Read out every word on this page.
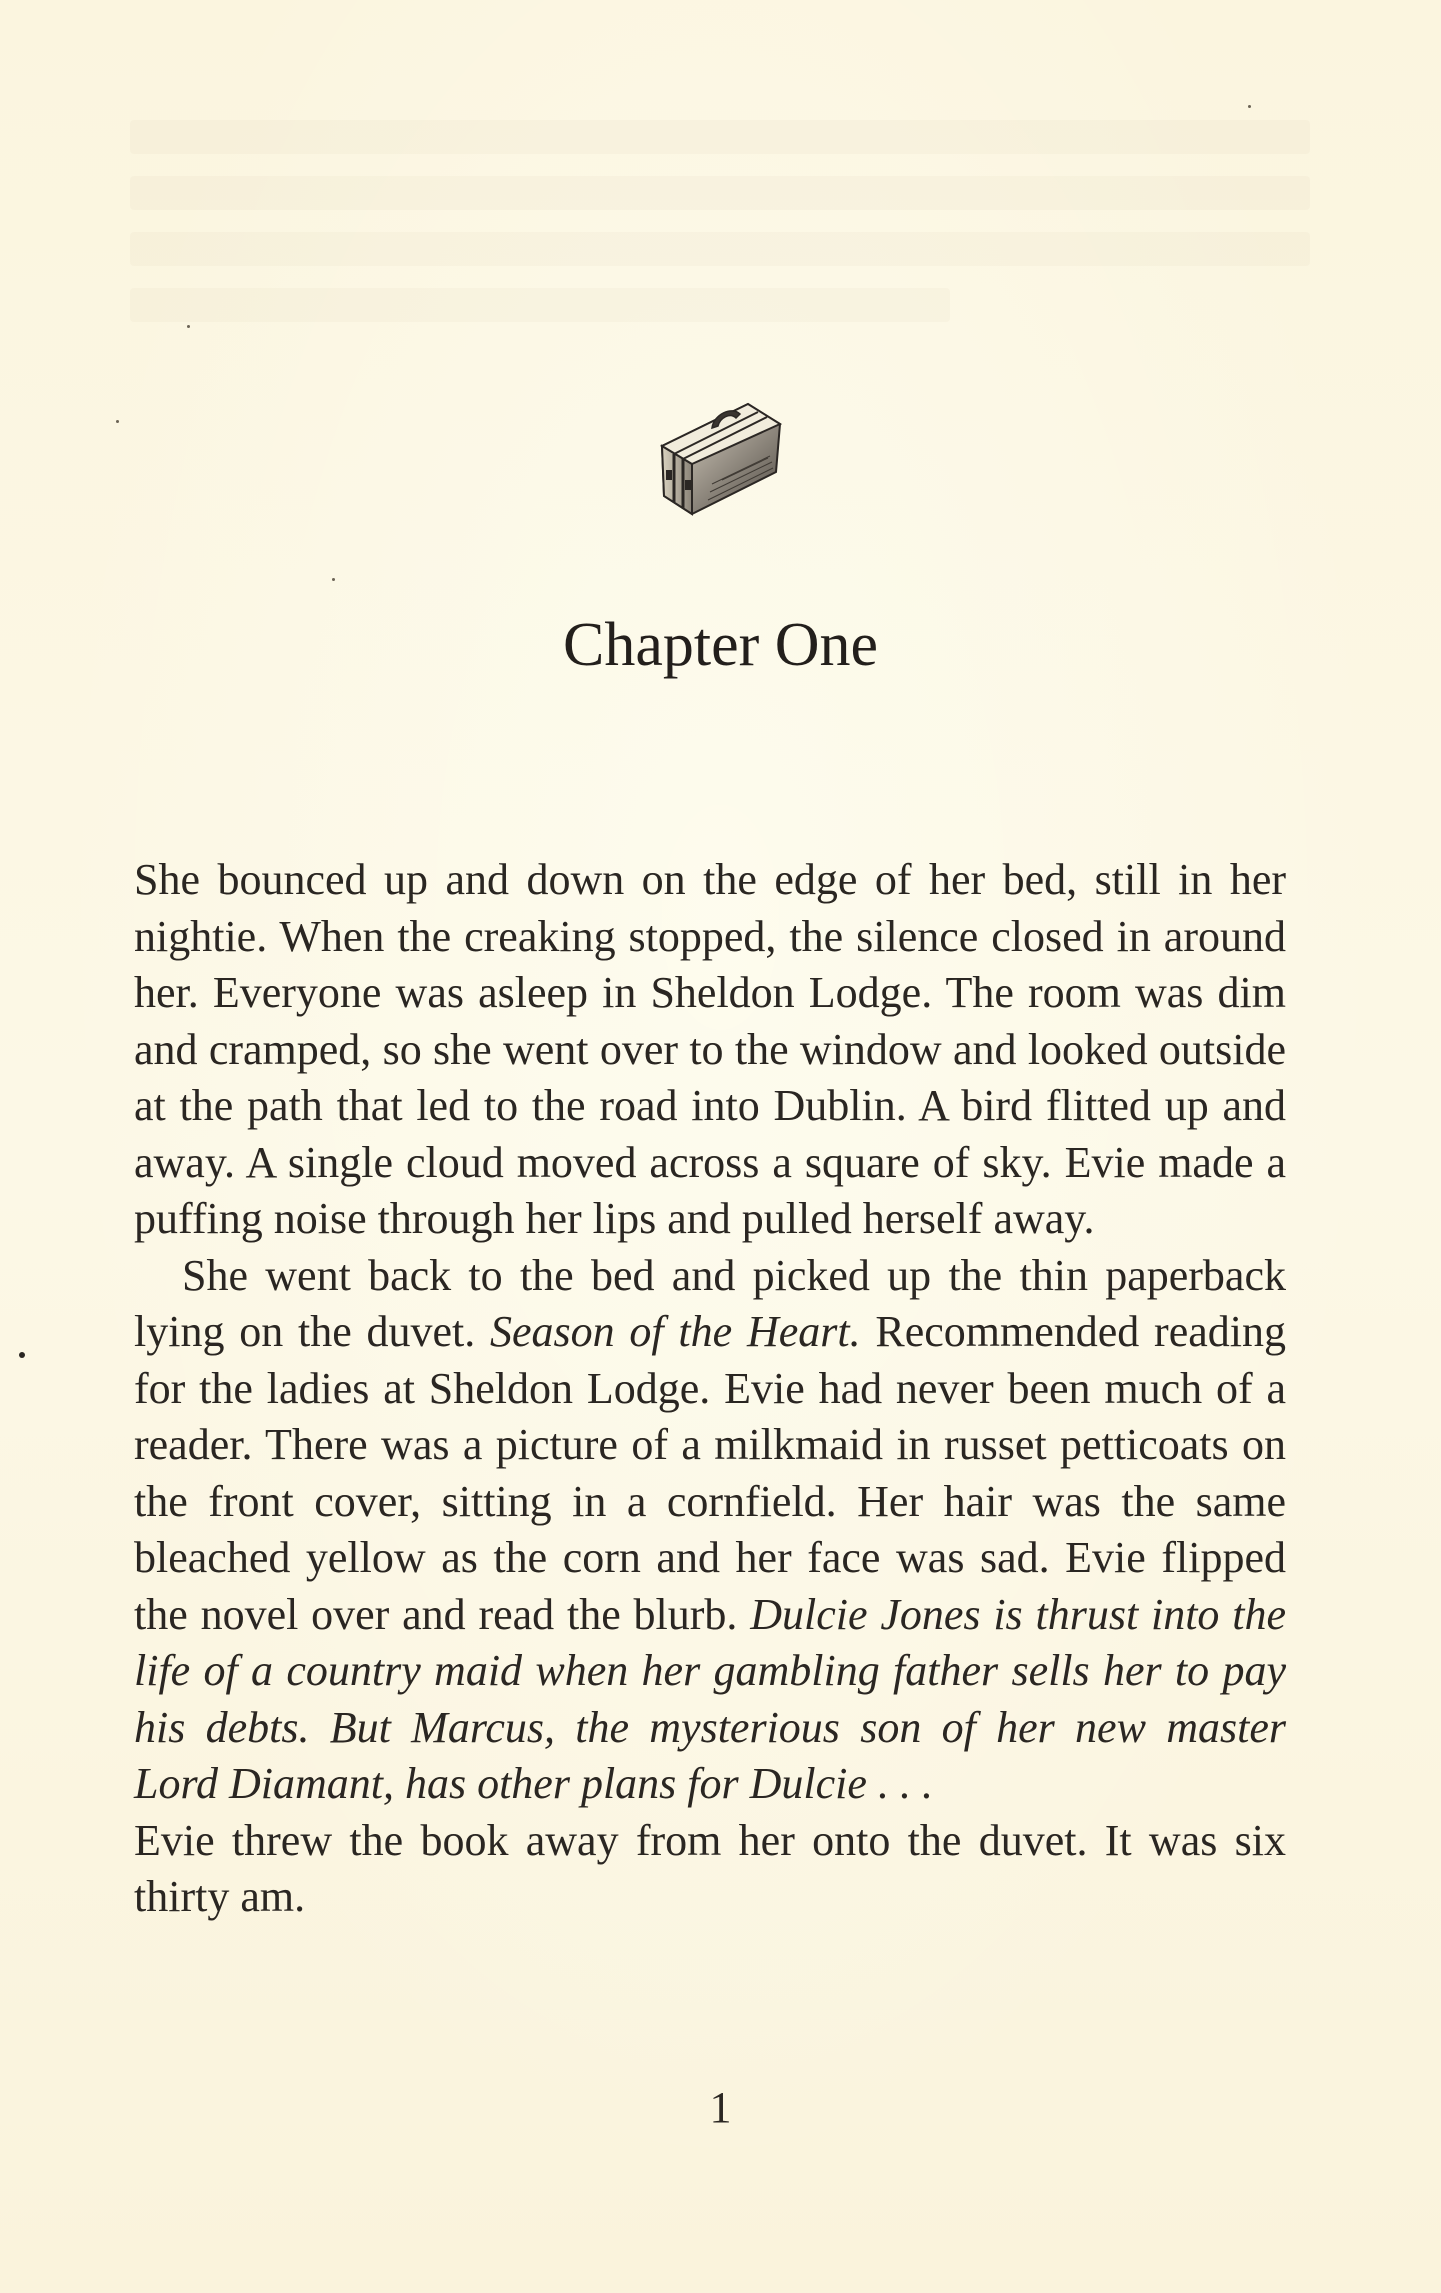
Chapter One

She bounced up and down on the edge of her bed, still in her nightie. When the creaking stopped, the silence closed in around her. Everyone was asleep in Sheldon Lodge. The room was dim and cramped, so she went over to the window and looked outside at the path that led to the road into Dublin. A bird flitted up and away. A single cloud moved across a square of sky. Evie made a puffing noise through her lips and pulled herself away.

She went back to the bed and picked up the thin paperback lying on the duvet. Season of the Heart. Recommended reading for the ladies at Sheldon Lodge. Evie had never been much of a reader. There was a picture of a milkmaid in russet petticoats on the front cover, sitting in a cornfield. Her hair was the same bleached yellow as the corn and her face was sad. Evie flipped the novel over and read the blurb. Dulcie Jones is thrust into the life of a country maid when her gambling father sells her to pay his debts. But Marcus, the mysterious son of her new master Lord Diamant, has other plans for Dulcie . . .

Evie threw the book away from her onto the duvet. It was six thirty am.

1
